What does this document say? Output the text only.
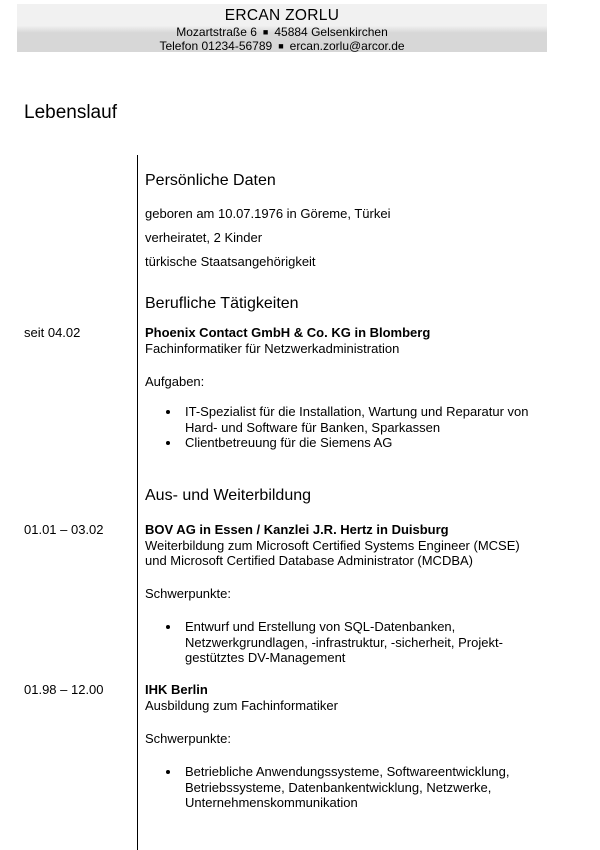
ERCAN ZORLU
Mozartstraße 6 ■ 45884 Gelsenkirchen
Telefon 01234-56789 ■ ercan.zorlu@arcor.de
Lebenslauf
Persönliche Daten
geboren am 10.07.1976 in Göreme, Türkei
verheiratet, 2 Kinder
türkische Staatsangehörigkeit
Berufliche Tätigkeiten
seit 04.02	Phoenix Contact GmbH & Co. KG in Blomberg
Fachinformatiker für Netzwerkadministration
Aufgaben:
IT-Spezialist für die Installation, Wartung und Reparatur von
Hard- und Software für Banken, Sparkassen
Clientbetreuung für die Siemens AG
Aus- und Weiterbildung
01.01 – 03.02	BOV AG in Essen / Kanzlei J.R. Hertz in Duisburg
Weiterbildung zum Microsoft Certified Systems Engineer (MCSE)
und Microsoft Certified Database Administrator (MCDBA)
Schwerpunkte:
Entwurf und Erstellung von SQL-Datenbanken,
Netzwerkgrundlagen, -infrastruktur, -sicherheit, Projekt-
gestütztes DV-Management
01.98 – 12.00	IHK Berlin
Ausbildung zum Fachinformatiker
Schwerpunkte:
Betriebliche Anwendungssysteme, Softwareentwicklung,
Betriebssysteme, Datenbankentwicklung, Netzwerke,
Unternehmenskommunikation
